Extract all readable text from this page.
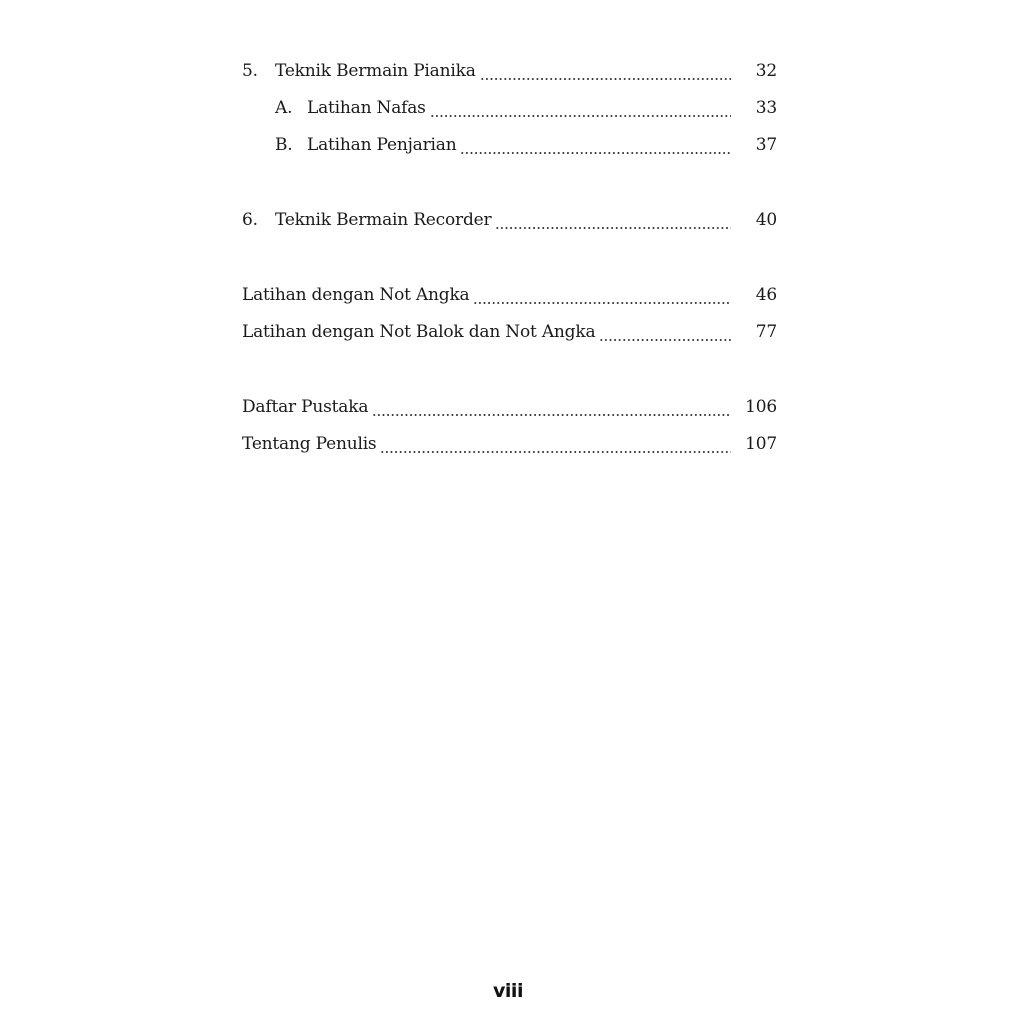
5.	Teknik Bermain Pianika	32
A. Latihan Nafas	33
B. Latihan Penjarian	37
6.	Teknik Bermain Recorder	40
Latihan dengan Not Angka	46
Latihan dengan Not Balok dan Not Angka	77
Daftar Pustaka	106
Tentang Penulis	107
viii
